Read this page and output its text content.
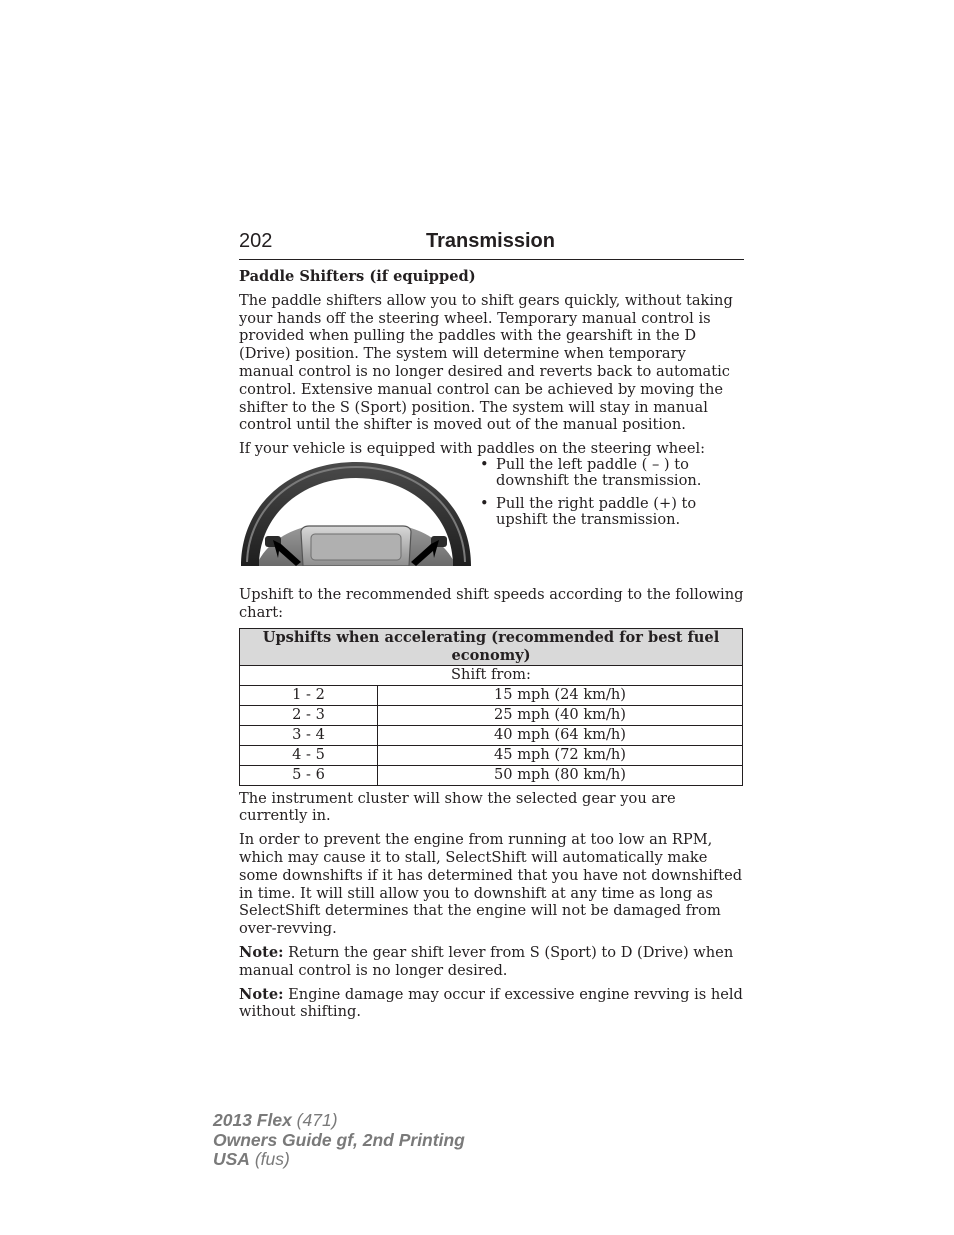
202	Transmission
Paddle Shifters (if equipped)

The paddle shifters allow you to shift gears quickly, without taking your hands off the steering wheel. Temporary manual control is provided when pulling the paddles with the gearshift in the D (Drive) position. The system will determine when temporary manual control is no longer desired and reverts back to automatic control. Extensive manual control can be achieved by moving the shifter to the S (Sport) position. The system will stay in manual control until the shifter is moved out of the manual position.

If your vehicle is equipped with paddles on the steering wheel:

• Pull the left paddle ( – ) to downshift the transmission.
• Pull the right paddle (+) to upshift the transmission.

Upshift to the recommended shift speeds according to the following chart:

Upshifts when accelerating (recommended for best fuel economy)	
Shift from:	
1 - 2	15 mph (24 km/h)
2 - 3	25 mph (40 km/h)
3 - 4	40 mph (64 km/h)
4 - 5	45 mph (72 km/h)
5 - 6	50 mph (80 km/h)

The instrument cluster will show the selected gear you are currently in.

In order to prevent the engine from running at too low an RPM, which may cause it to stall, SelectShift will automatically make some downshifts if it has determined that you have not downshifted in time. It will still allow you to downshift at any time as long as SelectShift determines that the engine will not be damaged from over-revving.

Note: Return the gear shift lever from S (Sport) to D (Drive) when manual control is no longer desired.

Note: Engine damage may occur if excessive engine revving is held without shifting.

2013 Flex (471)
Owners Guide gf, 2nd Printing
USA (fus)
